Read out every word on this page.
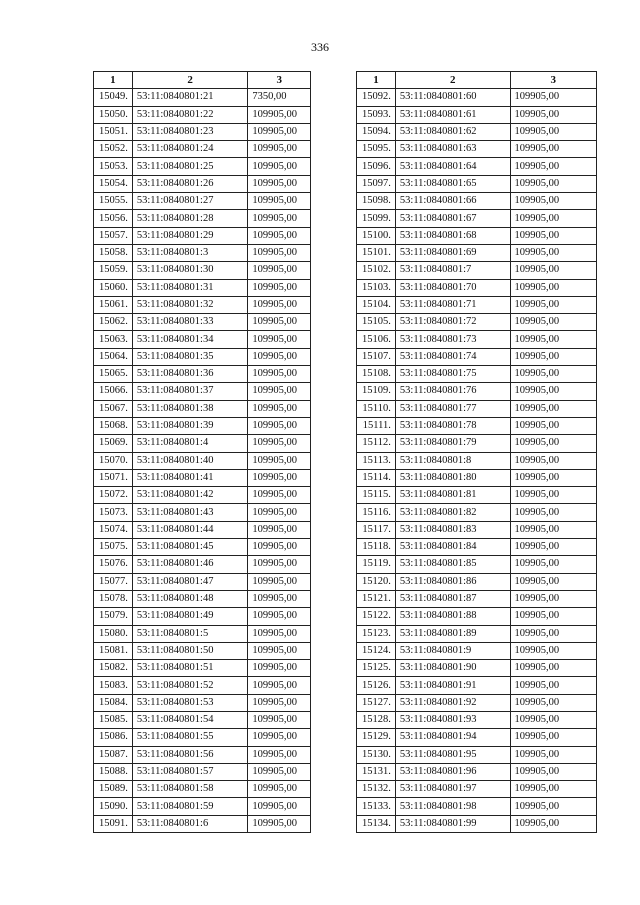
336
1	2	3
15049.	53:11:0840801:21	7350,00
15050.	53:11:0840801:22	109905,00
15051.	53:11:0840801:23	109905,00
15052.	53:11:0840801:24	109905,00
15053.	53:11:0840801:25	109905,00
15054.	53:11:0840801:26	109905,00
15055.	53:11:0840801:27	109905,00
15056.	53:11:0840801:28	109905,00
15057.	53:11:0840801:29	109905,00
15058.	53:11:0840801:3	109905,00
15059.	53:11:0840801:30	109905,00
15060.	53:11:0840801:31	109905,00
15061.	53:11:0840801:32	109905,00
15062.	53:11:0840801:33	109905,00
15063.	53:11:0840801:34	109905,00
15064.	53:11:0840801:35	109905,00
15065.	53:11:0840801:36	109905,00
15066.	53:11:0840801:37	109905,00
15067.	53:11:0840801:38	109905,00
15068.	53:11:0840801:39	109905,00
15069.	53:11:0840801:4	109905,00
15070.	53:11:0840801:40	109905,00
15071.	53:11:0840801:41	109905,00
15072.	53:11:0840801:42	109905,00
15073.	53:11:0840801:43	109905,00
15074.	53:11:0840801:44	109905,00
15075.	53:11:0840801:45	109905,00
15076.	53:11:0840801:46	109905,00
15077.	53:11:0840801:47	109905,00
15078.	53:11:0840801:48	109905,00
15079.	53:11:0840801:49	109905,00
15080.	53:11:0840801:5	109905,00
15081.	53:11:0840801:50	109905,00
15082.	53:11:0840801:51	109905,00
15083.	53:11:0840801:52	109905,00
15084.	53:11:0840801:53	109905,00
15085.	53:11:0840801:54	109905,00
15086.	53:11:0840801:55	109905,00
15087.	53:11:0840801:56	109905,00
15088.	53:11:0840801:57	109905,00
15089.	53:11:0840801:58	109905,00
15090.	53:11:0840801:59	109905,00
15091.	53:11:0840801:6	109905,00
1	2	3
15092.	53:11:0840801:60	109905,00
15093.	53:11:0840801:61	109905,00
15094.	53:11:0840801:62	109905,00
15095.	53:11:0840801:63	109905,00
15096.	53:11:0840801:64	109905,00
15097.	53:11:0840801:65	109905,00
15098.	53:11:0840801:66	109905,00
15099.	53:11:0840801:67	109905,00
15100.	53:11:0840801:68	109905,00
15101.	53:11:0840801:69	109905,00
15102.	53:11:0840801:7	109905,00
15103.	53:11:0840801:70	109905,00
15104.	53:11:0840801:71	109905,00
15105.	53:11:0840801:72	109905,00
15106.	53:11:0840801:73	109905,00
15107.	53:11:0840801:74	109905,00
15108.	53:11:0840801:75	109905,00
15109.	53:11:0840801:76	109905,00
15110.	53:11:0840801:77	109905,00
15111.	53:11:0840801:78	109905,00
15112.	53:11:0840801:79	109905,00
15113.	53:11:0840801:8	109905,00
15114.	53:11:0840801:80	109905,00
15115.	53:11:0840801:81	109905,00
15116.	53:11:0840801:82	109905,00
15117.	53:11:0840801:83	109905,00
15118.	53:11:0840801:84	109905,00
15119.	53:11:0840801:85	109905,00
15120.	53:11:0840801:86	109905,00
15121.	53:11:0840801:87	109905,00
15122.	53:11:0840801:88	109905,00
15123.	53:11:0840801:89	109905,00
15124.	53:11:0840801:9	109905,00
15125.	53:11:0840801:90	109905,00
15126.	53:11:0840801:91	109905,00
15127.	53:11:0840801:92	109905,00
15128.	53:11:0840801:93	109905,00
15129.	53:11:0840801:94	109905,00
15130.	53:11:0840801:95	109905,00
15131.	53:11:0840801:96	109905,00
15132.	53:11:0840801:97	109905,00
15133.	53:11:0840801:98	109905,00
15134.	53:11:0840801:99	109905,00
